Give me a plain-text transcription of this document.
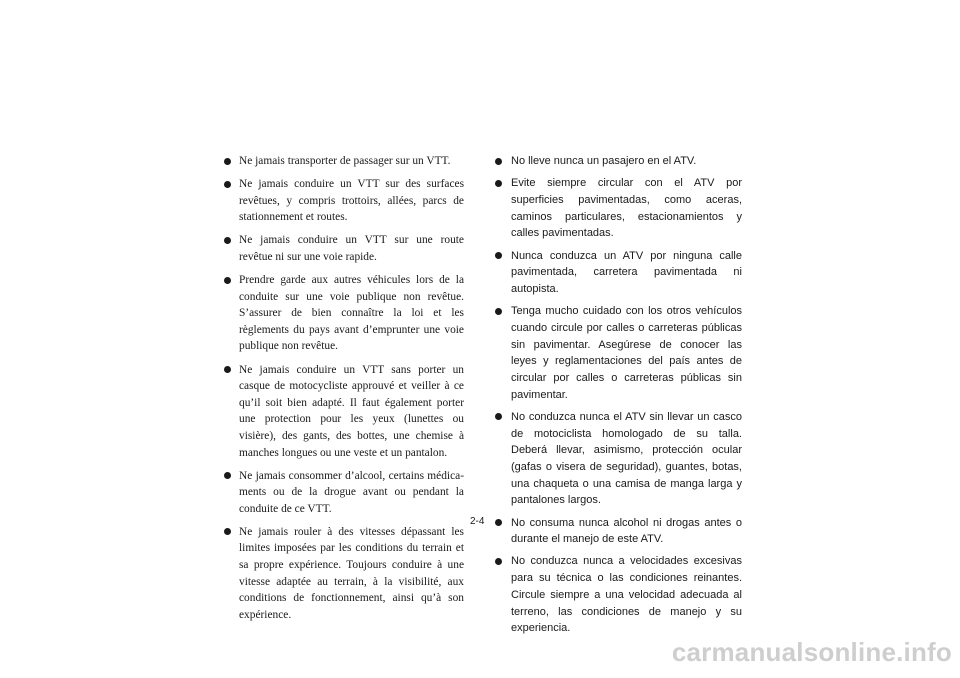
Ne jamais transporter de passager sur un VTT.
Ne jamais conduire un VTT sur des surfaces revêtues, y compris trottoirs, allées, parcs de stationnement et routes.
Ne jamais conduire un VTT sur une route revêtue ni sur une voie rapide.
Prendre garde aux autres véhicules lors de la conduite sur une voie publique non revêtue. S’assurer de bien connaître la loi et les règlements du pays avant d’emprunter une voie publique non revêtue.
Ne jamais conduire un VTT sans porter un casque de motocycliste approuvé et veiller à ce qu’il soit bien adapté. Il faut également porter une protection pour les yeux (lunettes ou visière), des gants, des bottes, une chemise à manches longues ou une veste et un pantalon.
Ne jamais consommer d’alcool, certains médicaments ou de la drogue avant ou pendant la conduite de ce VTT.
Ne jamais rouler à des vitesses dépassant les limites imposées par les conditions du terrain et sa propre expérience. Toujours conduire à une vitesse adaptée au terrain, à la visibilité, aux conditions de fonctionnement, ainsi qu’à son expérience.
No lleve nunca un pasajero en el ATV.
Evite siempre circular con el ATV por superficies pavimentadas, como aceras, caminos particulares, estacionamientos y calles pavimentadas.
Nunca conduzca un ATV por ninguna calle pavimentada, carretera pavimentada ni autopista.
Tenga mucho cuidado con los otros vehículos cuando circule por calles o carreteras públicas sin pavimentar. Asegúrese de conocer las leyes y reglamentaciones del país antes de circular por calles o carreteras públicas sin pavimentar.
No conduzca nunca el ATV sin llevar un casco de motociclista homologado de su talla. Deberá llevar, asimismo, protección ocular (gafas o visera de seguridad), guantes, botas, una chaqueta o una camisa de manga larga y pantalones largos.
No consuma nunca alcohol ni drogas antes o durante el manejo de este ATV.
No conduzca nunca a velocidades excesivas para su técnica o las condiciones reinantes. Circule siempre a una velocidad adecuada al terreno, las condiciones de manejo y su experiencia.
2-4
carmanualsonline.info
